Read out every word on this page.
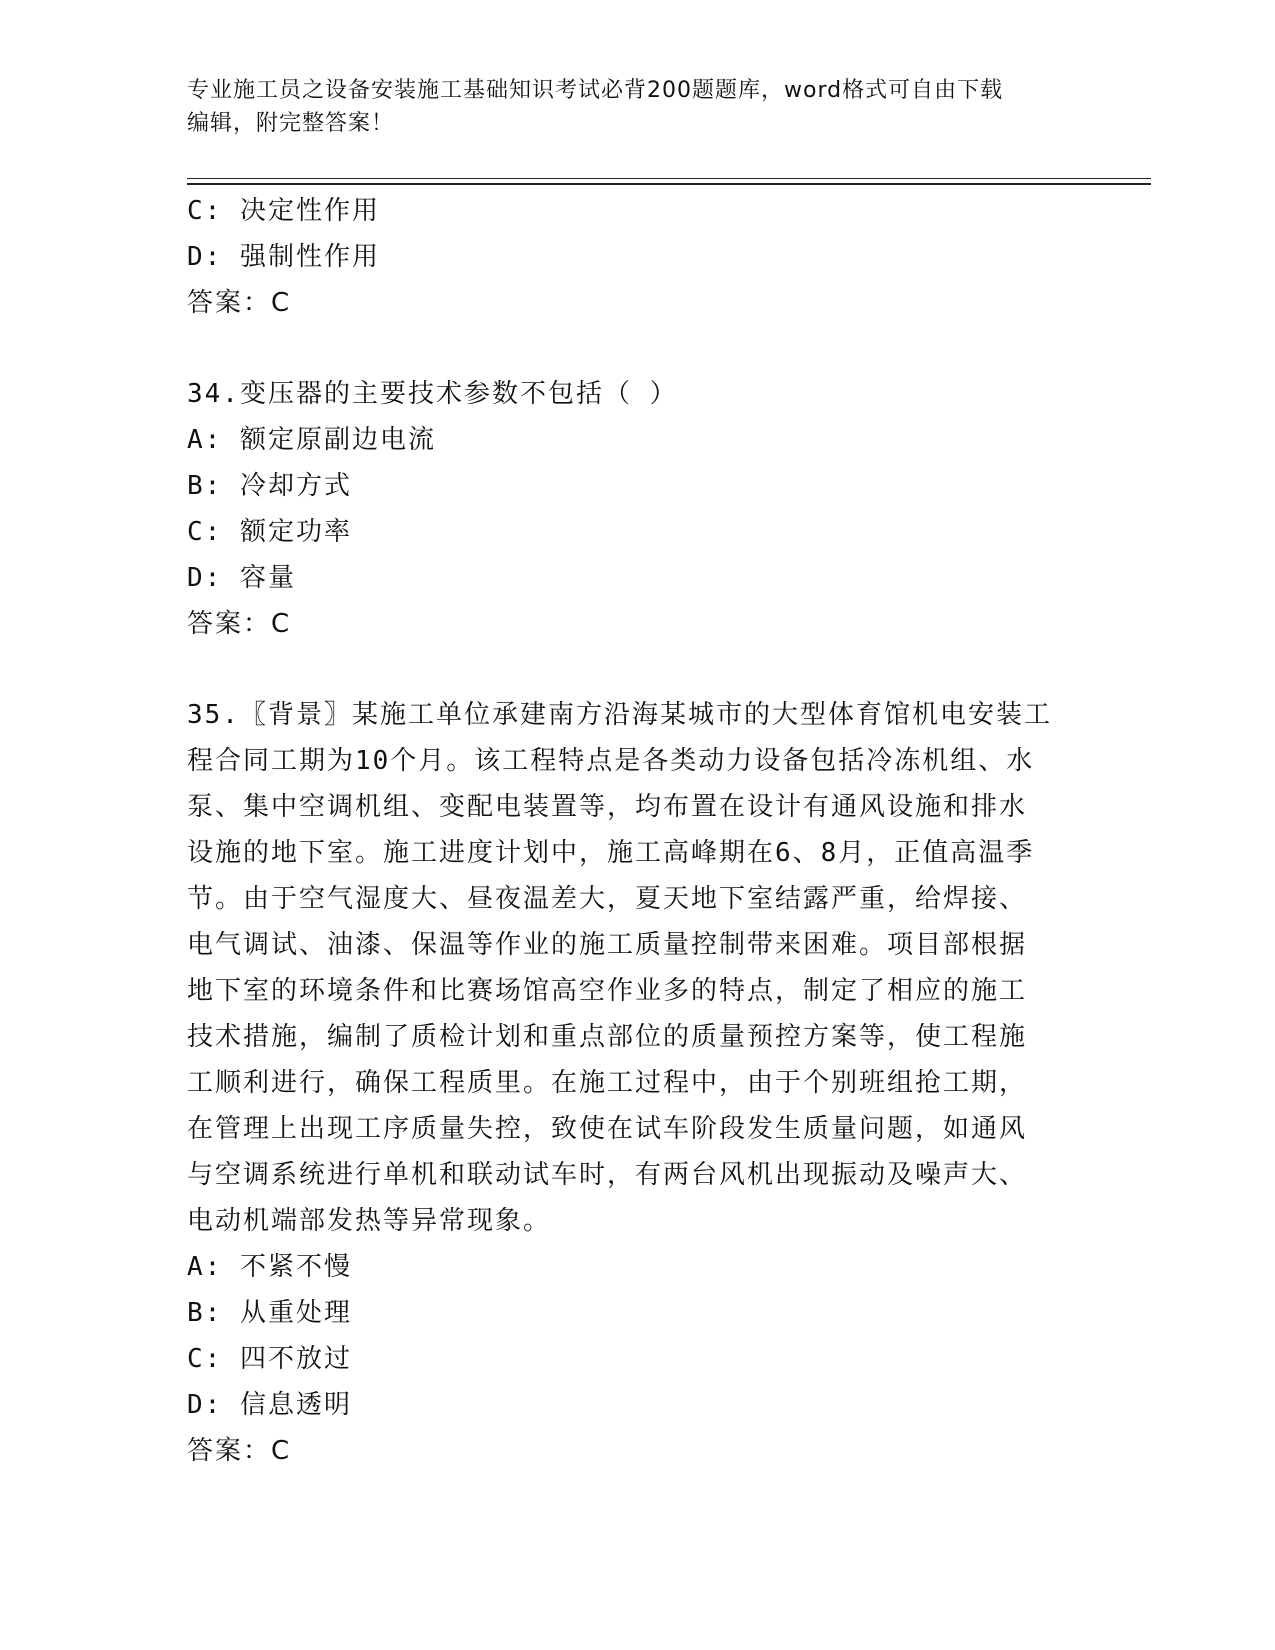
专业施工员之设备安装施工基础知识考试必背200题题库，word格式可自由下载
编辑，附完整答案！
C: 决定性作用
D: 强制性作用
答案：C
34.变压器的主要技术参数不包括（ ）
A: 额定原副边电流
B: 冷却方式
C: 额定功率
D: 容量
答案：C
35.〖背景〗某施工单位承建南方沿海某城市的大型体育馆机电安装工
程合同工期为10个月。该工程特点是各类动力设备包括冷冻机组、水
泵、集中空调机组、变配电装置等，均布置在设计有通风设施和排水
设施的地下室。施工进度计划中，施工高峰期在6、8月，正值高温季
节。由于空气湿度大、昼夜温差大，夏天地下室结露严重，给焊接、
电气调试、油漆、保温等作业的施工质量控制带来困难。项目部根据
地下室的环境条件和比赛场馆高空作业多的特点，制定了相应的施工
技术措施，编制了质检计划和重点部位的质量预控方案等，使工程施
工顺利进行，确保工程质里。在施工过程中，由于个别班组抢工期，
在管理上出现工序质量失控，致使在试车阶段发生质量问题，如通风
与空调系统进行单机和联动试车时，有两台风机出现振动及噪声大、
电动机端部发热等异常现象。
A: 不紧不慢
B: 从重处理
C: 四不放过
D: 信息透明
答案：C
